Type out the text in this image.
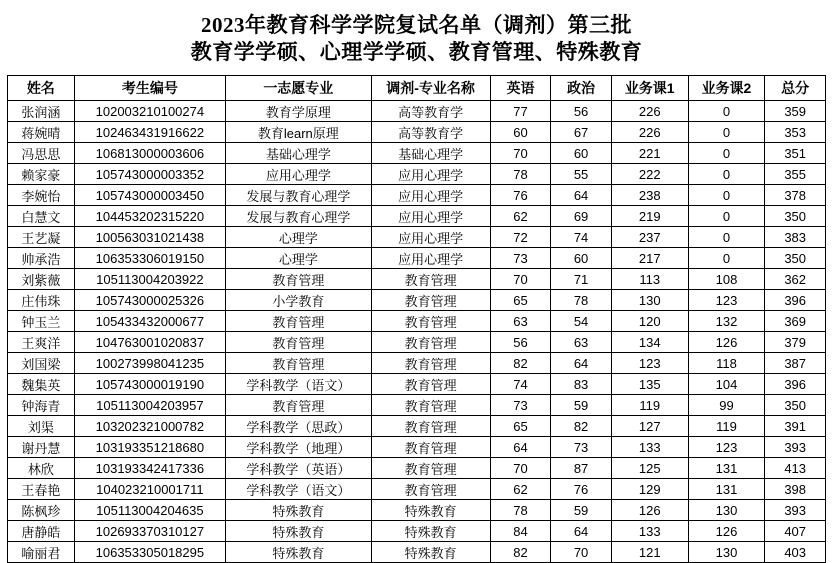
2023年教育科学学院复试名单（调剂）第三批
教育学学硕、心理学学硕、教育管理、特殊教育
姓名	考生编号	一志愿专业	调剂-专业名称	英语	政治	业务课1	业务课2	总分
张润涵	102003210100274	教育学原理	高等教育学	77	56	226	0	359
蒋婉晴	102463431916622	教育learn原理	高等教育学	60	67	226	0	353
冯思思	106813000003606	基础心理学	基础心理学	70	60	221	0	351
赖家豪	105743000003352	应用心理学	应用心理学	78	55	222	0	355
李婉怡	105743000003450	发展与教育心理学	应用心理学	76	64	238	0	378
白慧文	104453202315220	发展与教育心理学	应用心理学	62	69	219	0	350
王艺凝	100563031021438	心理学	应用心理学	72	74	237	0	383
帅承浩	106353306019150	心理学	应用心理学	73	60	217	0	350
刘紫薇	105113004203922	教育管理	教育管理	70	71	113	108	362
庄伟珠	105743000025326	小学教育	教育管理	65	78	130	123	396
钟玉兰	105433432000677	教育管理	教育管理	63	54	120	132	369
王爽洋	104763001020837	教育管理	教育管理	56	63	134	126	379
刘国梁	100273998041235	教育管理	教育管理	82	64	123	118	387
魏集英	105743000019190	学科教学（语文）	教育管理	74	83	135	104	396
钟海青	105113004203957	教育管理	教育管理	73	59	119	99	350
刘渠	103202321000782	学科教学（思政）	教育管理	65	82	127	119	391
谢丹慧	103193351218680	学科教学（地理）	教育管理	64	73	133	123	393
林欣	103193342417336	学科教学（英语）	教育管理	70	87	125	131	413
王春艳	104023210001711	学科教学（语文）	教育管理	62	76	129	131	398
陈枫珍	105113004204635	特殊教育	特殊教育	78	59	126	130	393
唐静皓	102693370310127	特殊教育	特殊教育	84	64	133	126	407
喻丽君	106353305018295	特殊教育	特殊教育	82	70	121	130	403
